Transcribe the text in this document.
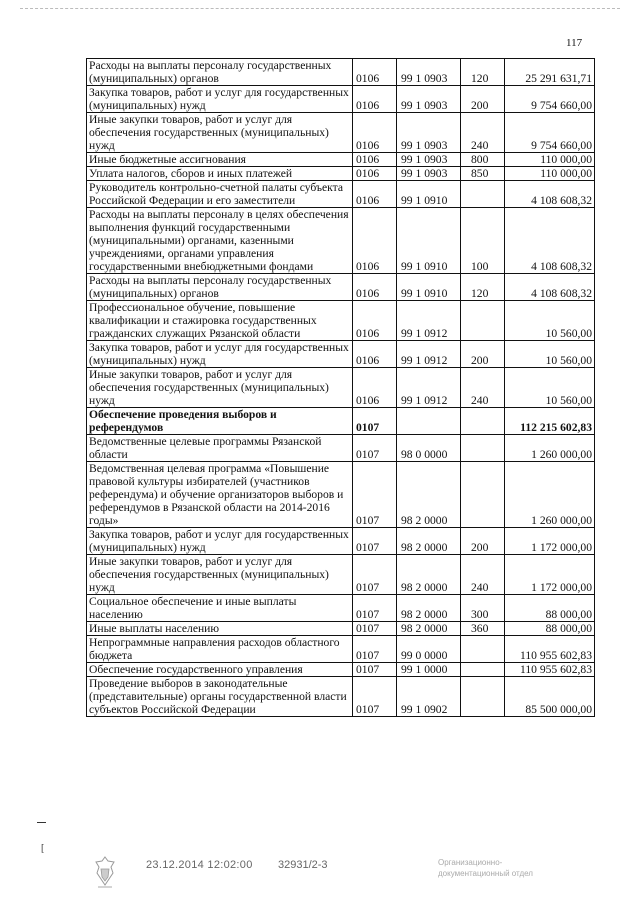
117
Расходы на выплаты персоналу государственных (муниципальных) органов	0106	99 1 0903	120	25 291 631,71
Закупка товаров, работ и услуг для государственных (муниципальных) нужд	0106	99 1 0903	200	9 754 660,00
Иные закупки товаров, работ и услуг для обеспечения государственных (муниципальных) нужд	0106	99 1 0903	240	9 754 660,00
Иные бюджетные ассигнования	0106	99 1 0903	800	110 000,00
Уплата налогов, сборов и иных платежей	0106	99 1 0903	850	110 000,00
Руководитель контрольно-счетной палаты субъекта Российской Федерации и его заместители	0106	99 1 0910		4 108 608,32
Расходы на выплаты персоналу в целях обеспечения выполнения функций государственными (муниципальными) органами, казенными учреждениями, органами управления государственными внебюджетными фондами	0106	99 1 0910	100	4 108 608,32
Расходы на выплаты персоналу государственных (муниципальных) органов	0106	99 1 0910	120	4 108 608,32
Профессиональное обучение, повышение квалификации и стажировка государственных гражданских служащих Рязанской области	0106	99 1 0912		10 560,00
Закупка товаров, работ и услуг для государственных (муниципальных) нужд	0106	99 1 0912	200	10 560,00
Иные закупки товаров, работ и услуг для обеспечения государственных (муниципальных) нужд	0106	99 1 0912	240	10 560,00
Обеспечение проведения выборов и референдумов	0107			112 215 602,83
Ведомственные целевые программы Рязанской области	0107	98 0 0000		1 260 000,00
Ведомственная целевая программа «Повышение правовой культуры избирателей (участников референдума) и обучение организаторов выборов и референдумов в Рязанской области на 2014-2016 годы»	0107	98 2 0000		1 260 000,00
Закупка товаров, работ и услуг для государственных (муниципальных) нужд	0107	98 2 0000	200	1 172 000,00
Иные закупки товаров, работ и услуг для обеспечения государственных (муниципальных) нужд	0107	98 2 0000	240	1 172 000,00
Социальное обеспечение и иные выплаты населению	0107	98 2 0000	300	88 000,00
Иные выплаты населению	0107	98 2 0000	360	88 000,00
Непрограммные направления расходов областного бюджета	0107	99 0 0000		110 955 602,83
Обеспечение государственного управления	0107	99 1 0000		110 955 602,83
Проведение выборов в законодательные (представительные) органы государственной власти субъектов Российской Федерации	0107	99 1 0902		85 500 000,00
[
23.12.2014 12:02:00 32931/2-3	Организационно-
документационный отдел
